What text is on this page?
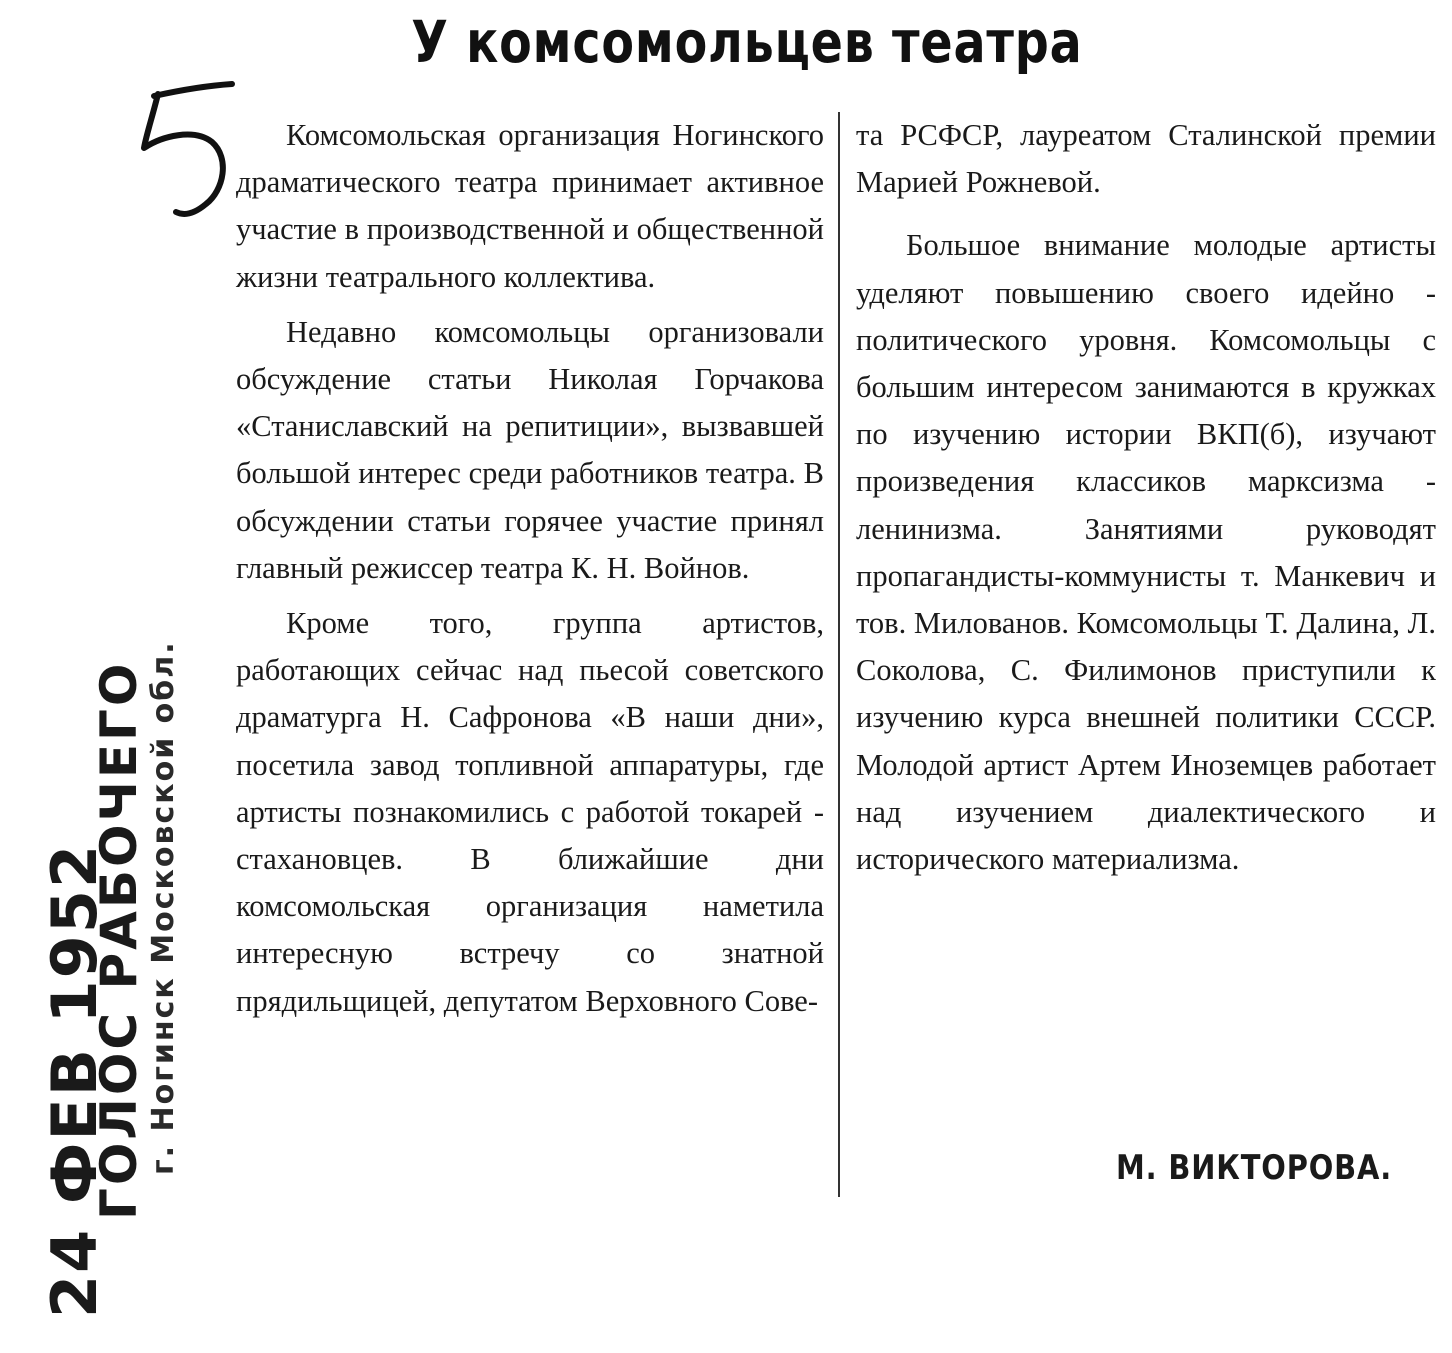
У комсомольцев театра
ГОЛОС РАБОЧЕГО
г. Ногинск Московской обл.
24 ФЕВ 1952

Комсомольская организация Ногинского драматического театра принимает активное участие в производственной и общественной жизни театрального коллектива.

Недавно комсомольцы организовали обсуждение статьи Николая Горчакова «Станиславский на репитиции», вызвавшей большой интерес среди работников театра. В обсуждении статьи горячее участие принял главный режиссер театра К. Н. Войнов.

Кроме того, группа артистов, работающих сейчас над пьесой советского драматурга Н. Сафронова «В наши дни», посетила завод топливной аппаратуры, где артисты познакомились с работой токарей - стахановцев. В ближайшие дни комсомольская организация наметила интересную встречу со знатной прядильщицей, депутатом Верховного Сове-

та РСФСР, лауреатом Сталинской премии Марией Рожневой.

Большое внимание молодые артисты уделяют повышению своего идейно - политического уровня. Комсомольцы с большим интересом занимаются в кружках по изучению истории ВКП(б), изучают произведения классиков марксизма - ленинизма. Занятиями руководят пропагандисты-коммунисты т. Манкевич и тов. Милованов. Комсомольцы Т. Далина, Л. Соколова, С. Филимонов приступили к изучению курса внешней политики СССР. Молодой артист Артем Иноземцев работает над изучением диалектического и исторического материализма.

М. ВИКТОРОВА.
